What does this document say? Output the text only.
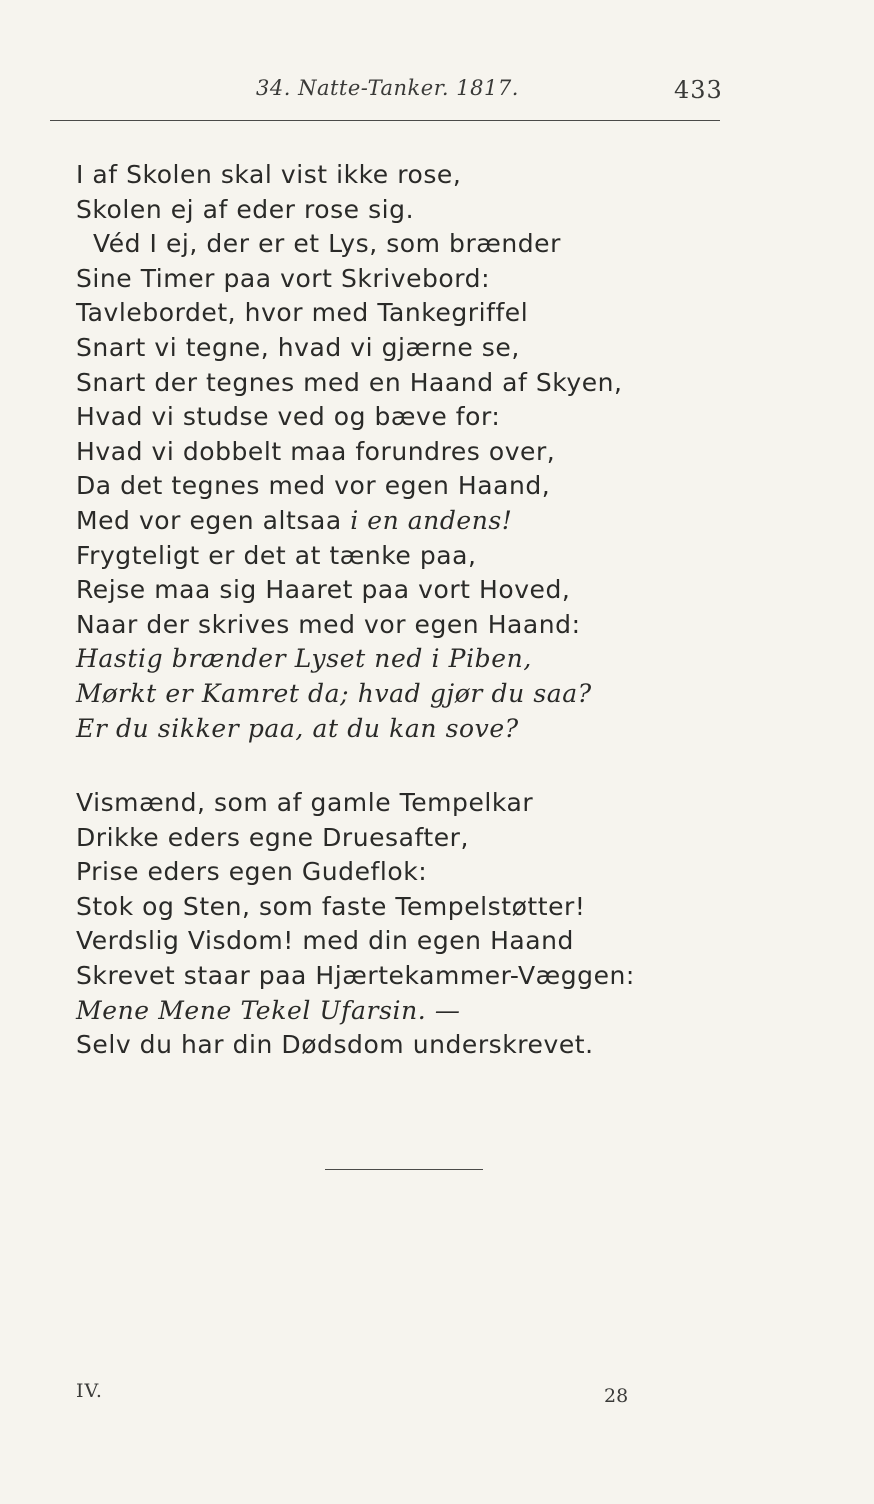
34. Natte-Tanker. 1817.	433
I af Skolen skal vist ikke rose,
Skolen ej af eder rose sig.
Véd I ej, der er et Lys, som brænder
Sine Timer paa vort Skrivebord:
Tavlebordet, hvor med Tankegriffel
Snart vi tegne, hvad vi gjærne se,
Snart der tegnes med en Haand af Skyen,
Hvad vi studse ved og bæve for:
Hvad vi dobbelt maa forundres over,
Da det tegnes med vor egen Haand,
Med vor egen altsaa i en andens!
Frygteligt er det at tænke paa,
Rejse maa sig Haaret paa vort Hoved,
Naar der skrives med vor egen Haand:
Hastig brænder Lyset ned i Piben,
Mørkt er Kamret da; hvad gjør du saa?
Er du sikker paa, at du kan sove?
Vismænd, som af gamle Tempelkar
Drikke eders egne Druesafter,
Prise eders egen Gudeflok:
Stok og Sten, som faste Tempelstøtter!
Verdslig Visdom! med din egen Haand
Skrevet staar paa Hjærtekammer-Væggen:
Mene Mene Tekel Ufarsin. —
Selv du har din Dødsdom underskrevet.
IV.	28
